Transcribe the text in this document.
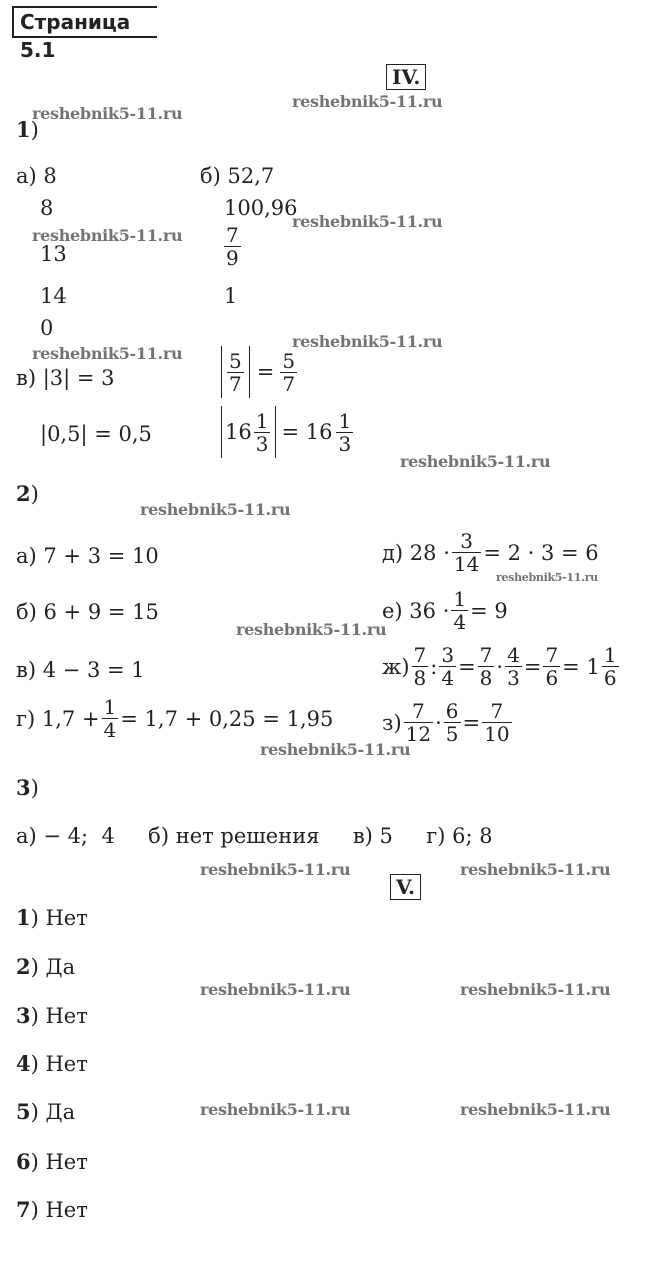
Страница 5.1
IV.
reshebnik5-11.ru
reshebnik5-11.ru
reshebnik5-11.ru
reshebnik5-11.ru
reshebnik5-11.ru
reshebnik5-11.ru
reshebnik5-11.ru
reshebnik5-11.ru
reshebnik5-11.ru
reshebnik5-11.ru
reshebnik5-11.ru
reshebnik5-11.ru	reshebnik5-11.ru
reshebnik5-11.ru	reshebnik5-11.ru
reshebnik5-11.ru	reshebnik5-11.ru
1)
а) 8
8
13
14
0
б) 52,7
100,96
$\frac{7}{9}$
1
в) |3| = 3
|0,5| = 0,5
$\frac{5}{7} = \frac{5}{7}$
$16 \frac{1}{3} = 16 \frac{1}{3}$
2)
а) 7 + 3 = 10
б) 6 + 9 = 15
в) 4 − 3 = 1
г) $1,7 + \frac{1}{4} = 1,7 + 0,25 = 1,95$
д) $28 \cdot \frac{3}{14} = 2 \cdot 3 = 6$
е) $36 \cdot \frac{1}{4} = 9$
$ж) \frac{7}{8}$ : $\frac{3}{4} = \frac{7}{8} \cdot \frac{4}{3} = \frac{7}{6} = 1 \frac{1}{6}$
$з) \frac{7}{12} \cdot \frac{6}{5} = \frac{7}{10}$
3)
а) − 4;  4     б) нет решения     в) 5     г) 6; 8
V.
1) Нет
2) Да
3) Нет
4) Нет
5) Да
6) Нет
7) Нет
